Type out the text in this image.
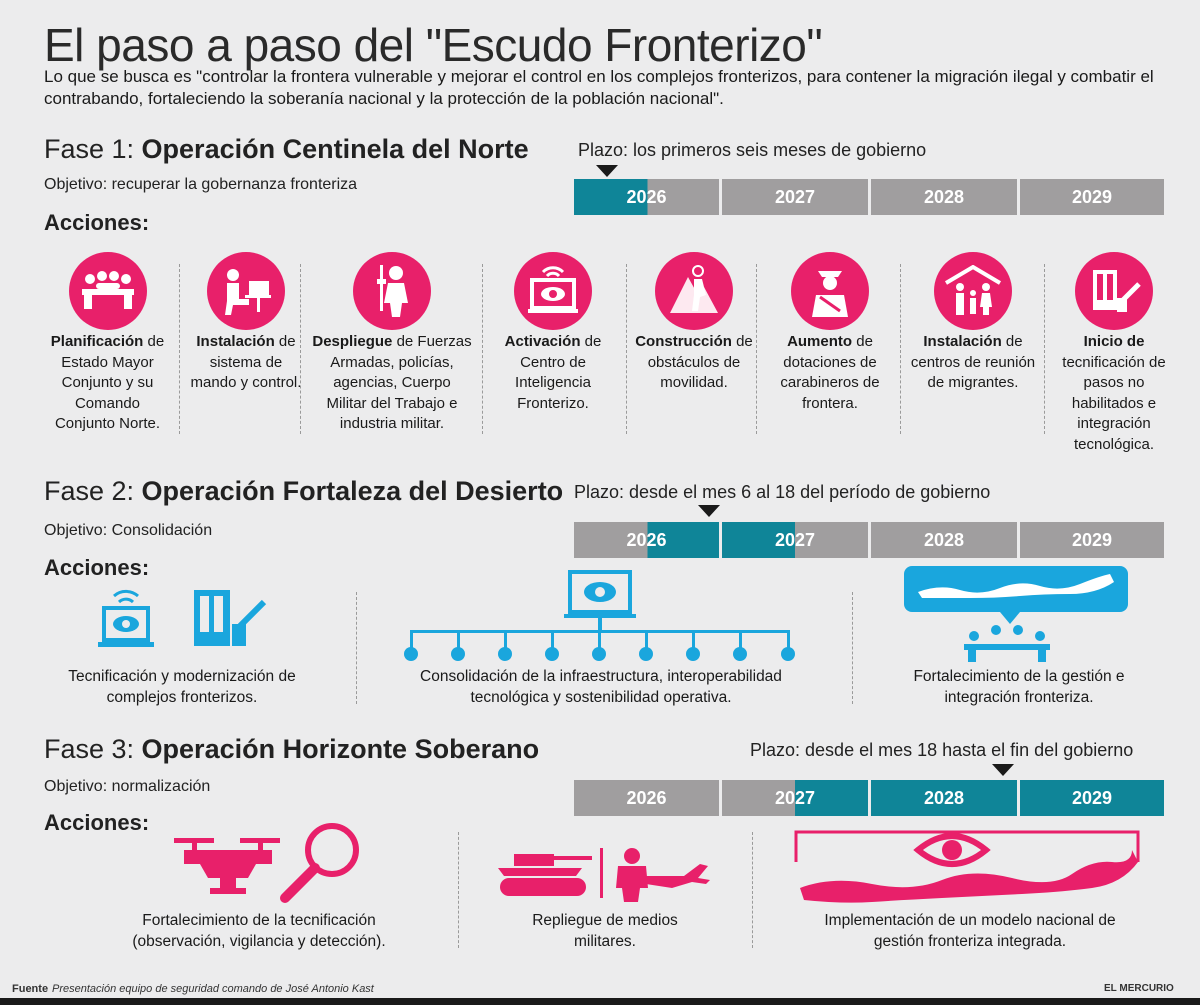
El paso a paso del "Escudo Fronterizo"

Lo que se busca es "controlar la frontera vulnerable y mejorar el control en los complejos fronterizos, para contener la migración ilegal y combatir el contrabando, fortaleciendo la soberanía nacional y la protección de la población nacional".

Fase 1: Operación Centinela del Norte
Objetivo: recuperar la gobernanza fronteriza
Acciones:
Plazo: los primeros seis meses de gobierno
2026	2027	2028	2029
Planificación de Estado Mayor Conjunto y su Comando Conjunto Norte.
Instalación de sistema de mando y control.
Despliegue de Fuerzas Armadas, policías, agencias, Cuerpo Militar del Trabajo e industria militar.
Activación de Centro de Inteligencia Fronterizo.
Construcción de obstáculos de movilidad.
Aumento de dotaciones de carabineros de frontera.
Instalación de centros de reunión de migrantes.
Inicio de tecnificación de pasos no habilitados e integración tecnológica.
Fase 2: Operación Fortaleza del Desierto
Objetivo: Consolidación
Acciones:
Plazo: desde el mes 6 al 18 del período de gobierno
2026	2027	2028	2029
Tecnificación y modernización de complejos fronterizos.
Consolidación de la infraestructura, interoperabilidad tecnológica y sostenibilidad operativa.
Fortalecimiento de la gestión e integración fronteriza.
Fase 3: Operación Horizonte Soberano
Objetivo: normalización
Acciones:
Plazo: desde el mes 18 hasta el fin del gobierno
2026	2027	2028	2029
Fortalecimiento de la tecnificación (observación, vigilancia y detección).
Repliegue de medios militares.
Implementación de un modelo nacional de gestión fronteriza integrada.
Fuente Presentación equipo de seguridad comando de José Antonio Kast	EL MERCURIO
